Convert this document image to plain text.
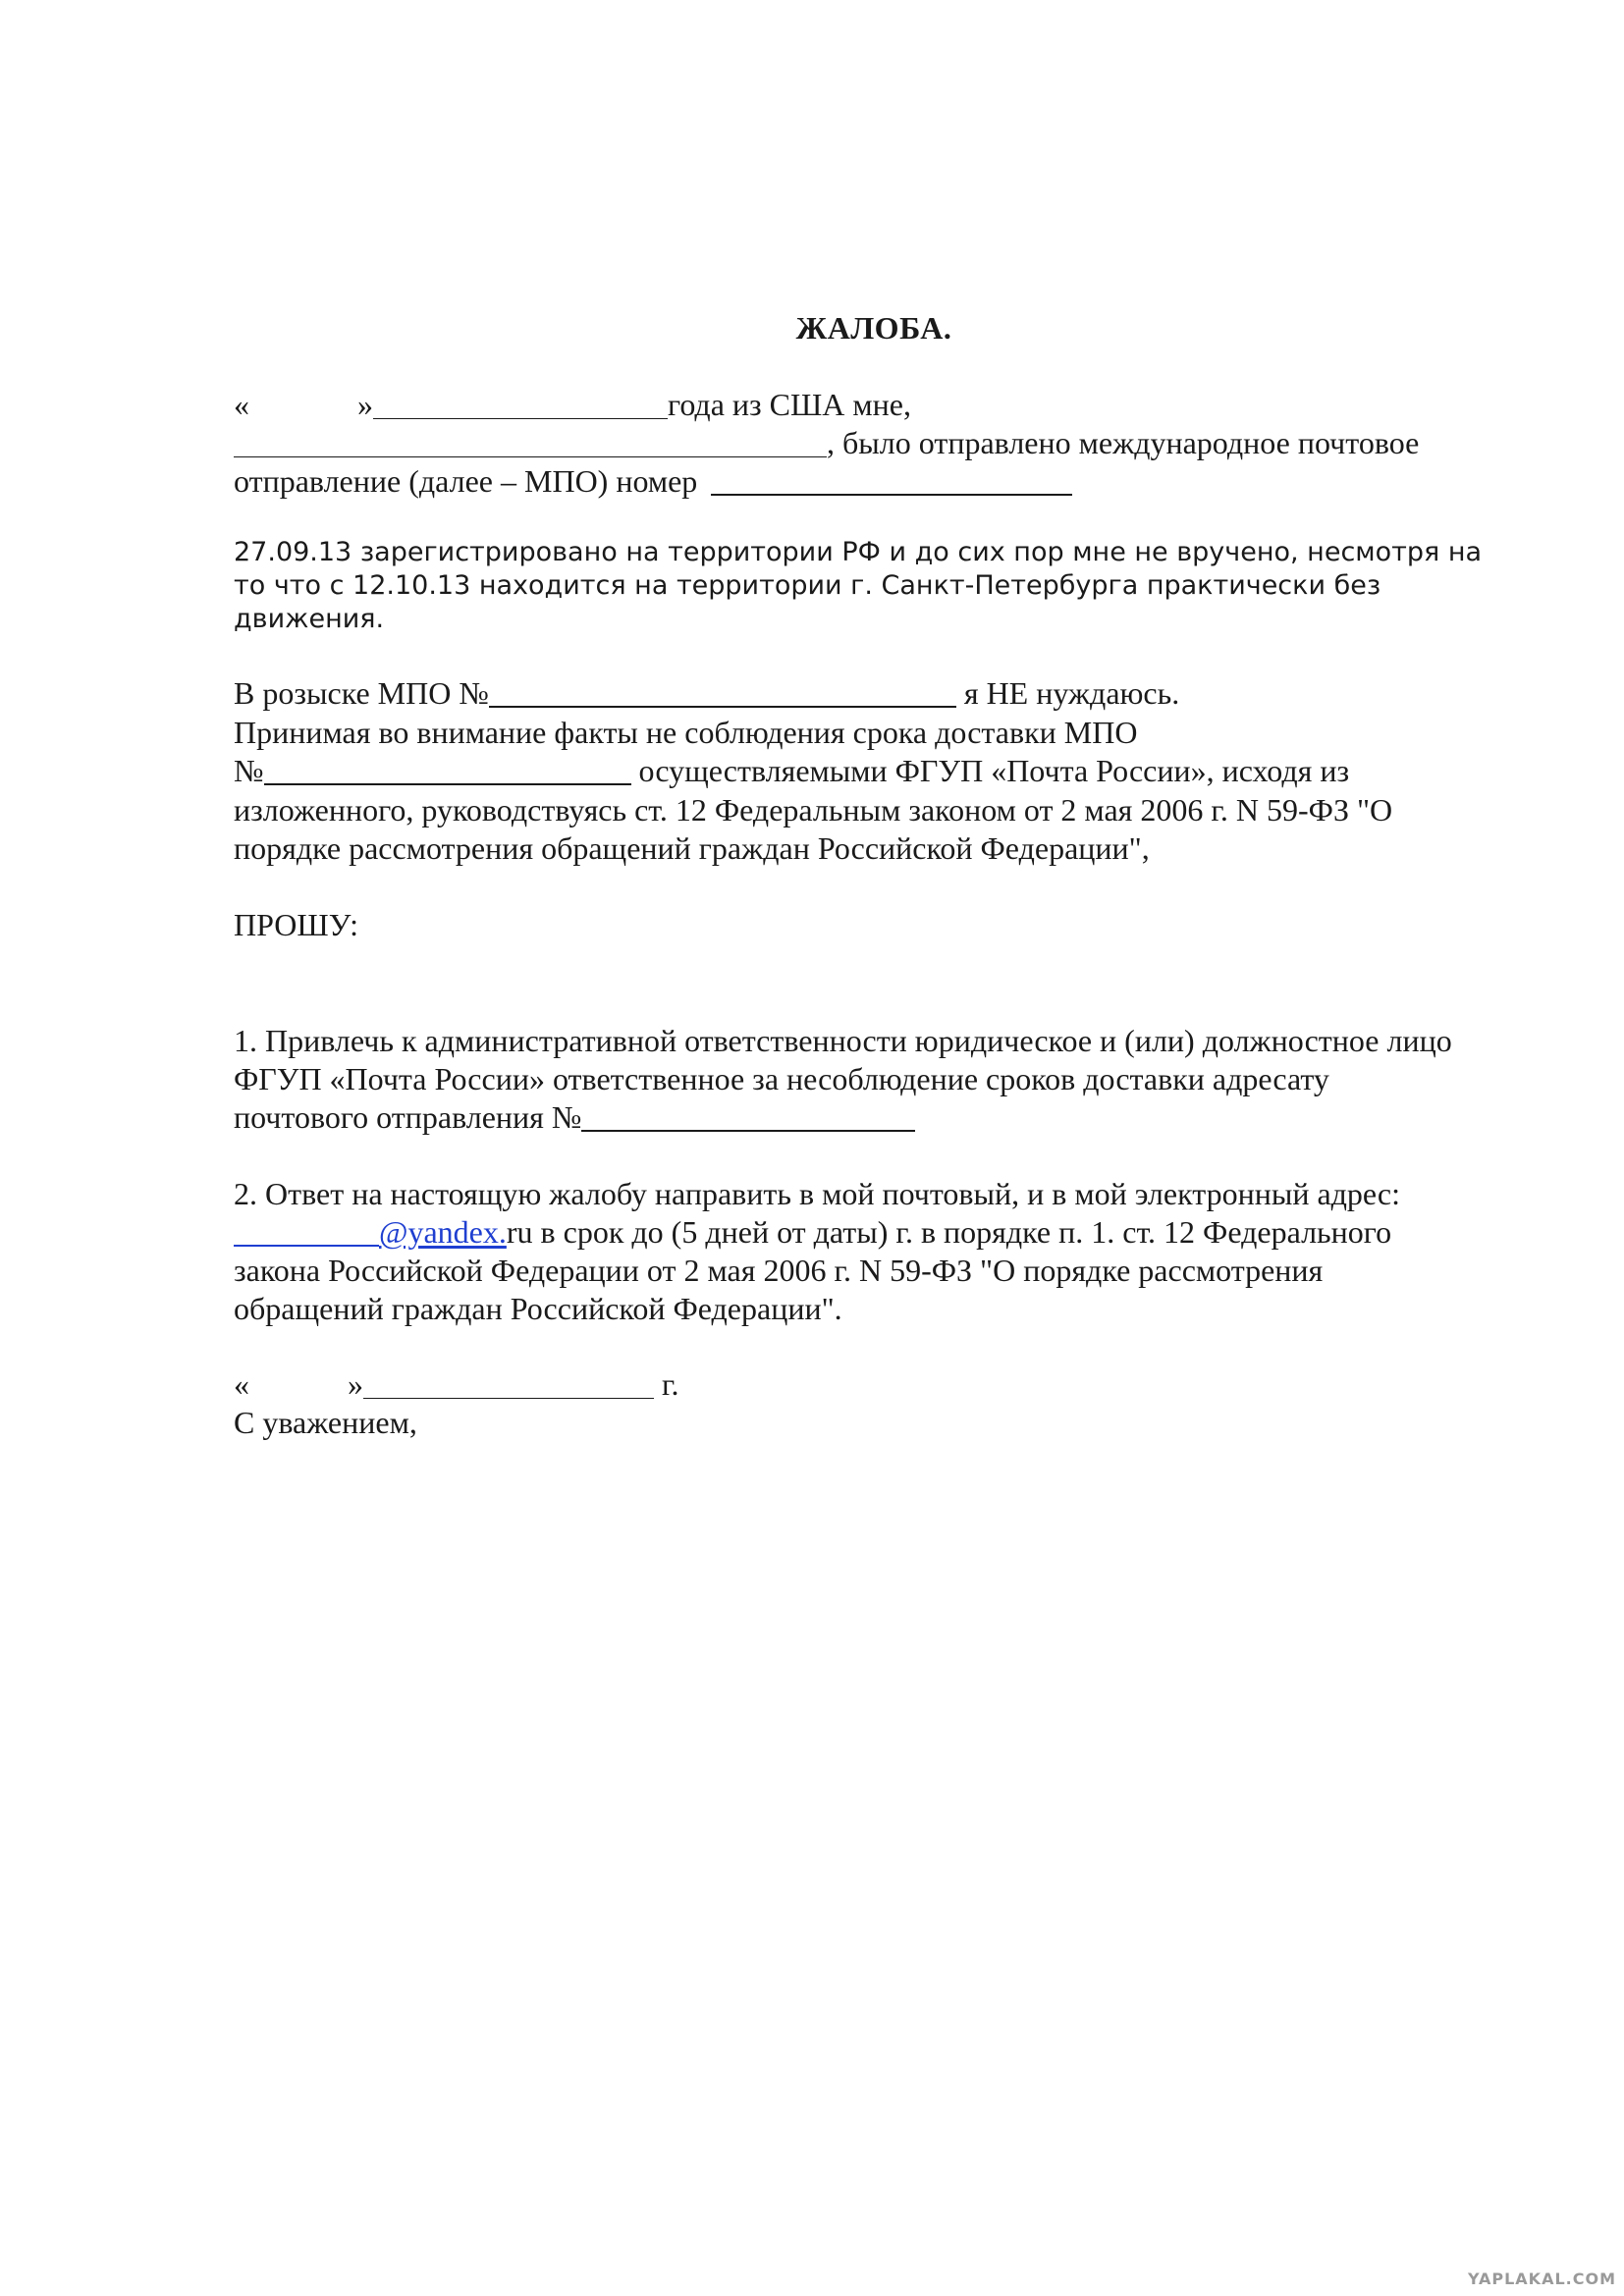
ЖАЛОБА.
«	»	года из США мне,
, было отправлено международное почтовое
отправление (далее – МПО) номер
27.09.13 зарегистрировано на территории РФ и до сих пор мне не вручено, несмотря на
то что с 12.10.13 находится на территории г. Санкт-Петербурга практически без
движения.
В розыске МПО №	я НЕ нуждаюсь.
Принимая во внимание факты не соблюдения срока доставки МПО
№	осуществляемыми ФГУП «Почта России», исходя из
изложенного, руководствуясь ст. 12 Федеральным законом от 2 мая 2006 г. N 59-ФЗ "О
порядке рассмотрения обращений граждан Российской Федерации",
ПРОШУ:
1. Привлечь к административной ответственности юридическое и (или) должностное лицо
ФГУП «Почта России» ответственное за несоблюдение сроков доставки адресату
почтового отправления №
2. Ответ на настоящую жалобу направить в мой почтовый, и в мой электронный адрес:
@yandex.ru в срок до (5 дней от даты) г. в порядке п. 1. ст. 12 Федерального
закона Российской Федерации от 2 мая 2006 г. N 59-ФЗ "О порядке рассмотрения
обращений граждан Российской Федерации".
«	»	г.
С уважением,
YAPLAKAL.COM
